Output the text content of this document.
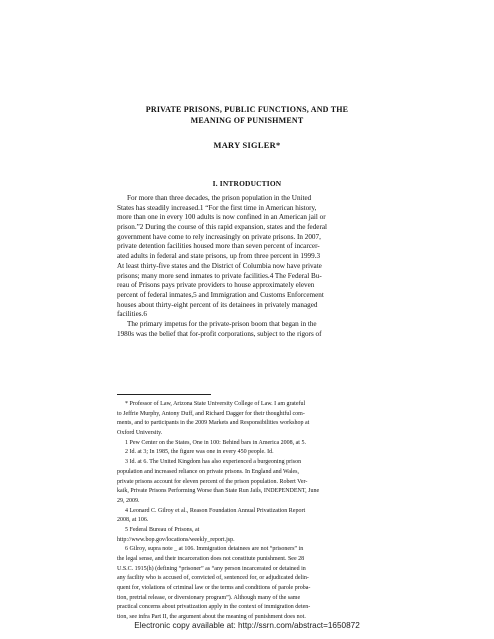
PRIVATE PRISONS, PUBLIC FUNCTIONS, AND THE
MEANING OF PUNISHMENT
MARY SIGLER*
I. INTRODUCTION
For more than three decades, the prison population in the United
States has steadily increased.1 “For the first time in American history,
more than one in every 100 adults is now confined in an American jail or
prison.”2 During the course of this rapid expansion, states and the federal
government have come to rely increasingly on private prisons. In 2007,
private detention facilities housed more than seven percent of incarcer-
ated adults in federal and state prisons, up from three percent in 1999.3
At least thirty-five states and the District of Columbia now have private
prisons; many more send inmates to private facilities.4 The Federal Bu-
reau of Prisons pays private providers to house approximately eleven
percent of federal inmates,5 and Immigration and Customs Enforcement
houses about thirty-eight percent of its detainees in privately managed
facilities.6
The primary impetus for the private-prison boom that began in the
1980s was the belief that for-profit corporations, subject to the rigors of
* Professor of Law, Arizona State University College of Law. I am grateful
to Jeffrie Murphy, Antony Duff, and Richard Dagger for their thoughtful com-
ments, and to participants in the 2009 Markets and Responsibilities workshop at
Oxford University.
1 Pew Center on the States, One in 100: Behind bars in America 2008, at 5.
2 Id. at 3; In 1985, the figure was one in every 450 people. Id.
3 Id. at 6. The United Kingdom has also experienced a burgeoning prison
population and increased reliance on private prisons. In England and Wales,
private prisons account for eleven percent of the prison population. Robert Ver-
kaik, Private Prisons Performing Worse than State Run Jails, INDEPENDENT, June
29, 2009.
4 Leonard C. Gilroy et al., Reason Foundation Annual Privatization Report
2008, at 106.
5 Federal Bureau of Prisons, at
http://www.bop.gov/locations/weekly_report.jsp.
6 Gilroy, supra note _ at 106. Immigration detainees are not “prisoners” in
the legal sense, and their incarceration does not constitute punishment. See 28
U.S.C. 1915(h) (defining “prisoner” as “any person incarcerated or detained in
any facility who is accused of, convicted of, sentenced for, or adjudicated delin-
quent for, violations of criminal law or the terms and conditions of parole proba-
tion, pretrial release, or diversionary program”). Although many of the same
practical concerns about privatization apply in the context of immigration deten-
tion, see infra Part II, the argument about the meaning of punishment does not.
Electronic copy available at: http://ssrn.com/abstract=1650872
